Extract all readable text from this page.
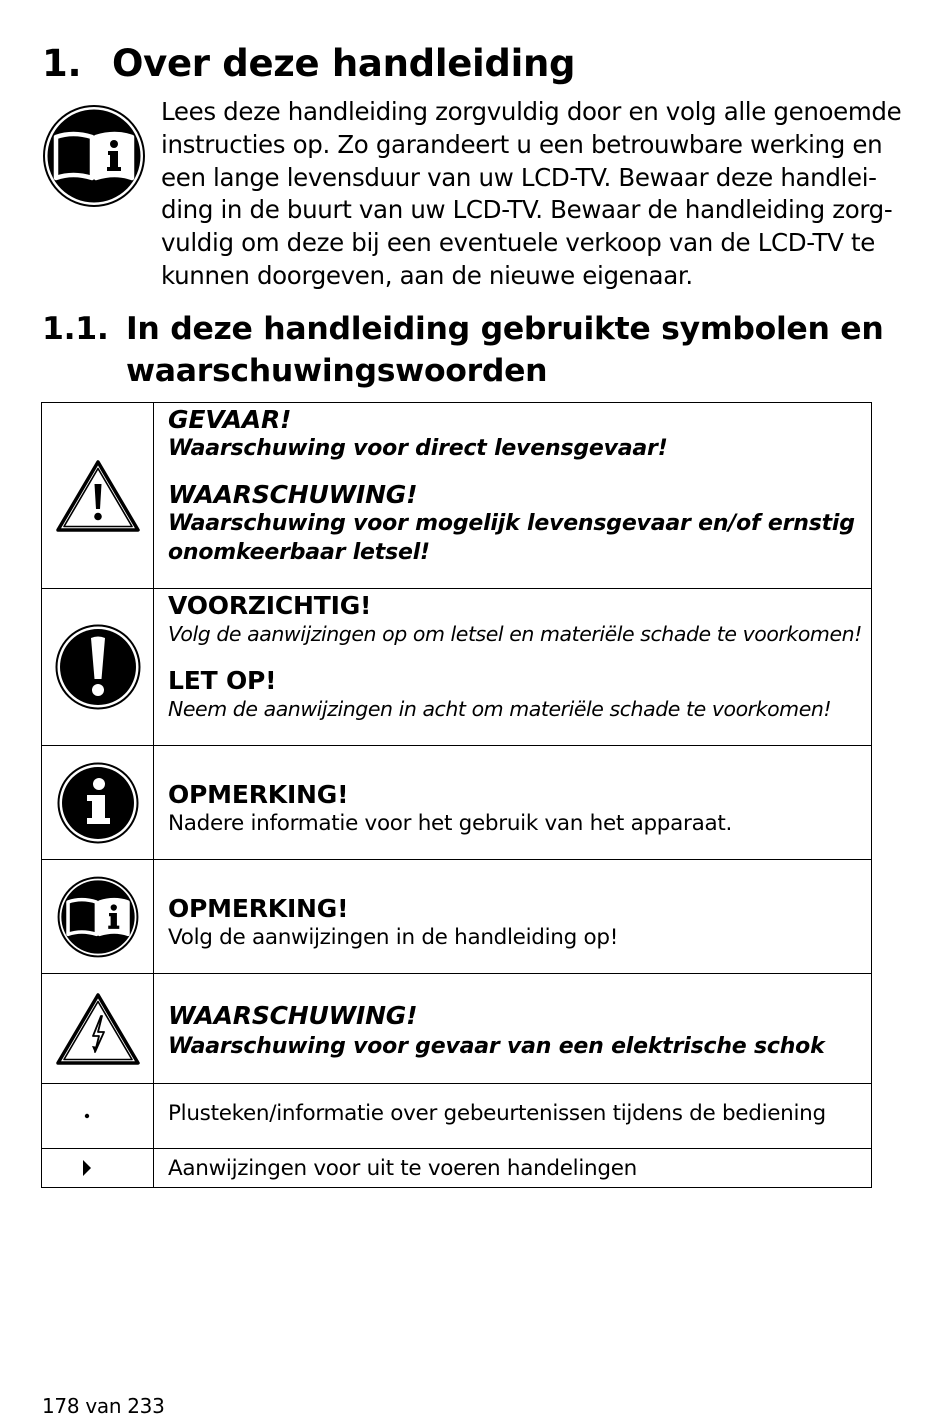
1. Over deze handleiding
Lees deze handleiding zorgvuldig door en volg alle genoemde
instructies op. Zo garandeert u een betrouwbare werking en
een lange levensduur van uw LCD-TV. Bewaar deze handlei-
ding in de buurt van uw LCD-TV. Bewaar de handleiding zorg-
vuldig om deze bij een eventuele verkoop van de LCD-TV te
kunnen doorgeven, aan de nieuwe eigenaar.
1.1. In deze handleiding gebruikte symbolen en
waarschuwingswoorden

GEVAAR!
Waarschuwing voor direct levensgevaar!
WAARSCHUWING!
Waarschuwing voor mogelijk levensgevaar en/of ernstig
onomkeerbaar letsel!

VOORZICHTIG!
Volg de aanwijzingen op om letsel en materiële schade te voorkomen!
LET OP!
Neem de aanwijzingen in acht om materiële schade te voorkomen!

OPMERKING!
Nadere informatie voor het gebruik van het apparaat.

OPMERKING!
Volg de aanwijzingen in de handleiding op!

WAARSCHUWING!
Waarschuwing voor gevaar van een elektrische schok

Plusteken/informatie over gebeurtenissen tijdens de bediening

Aanwijzingen voor uit te voeren handelingen
178 van 233
